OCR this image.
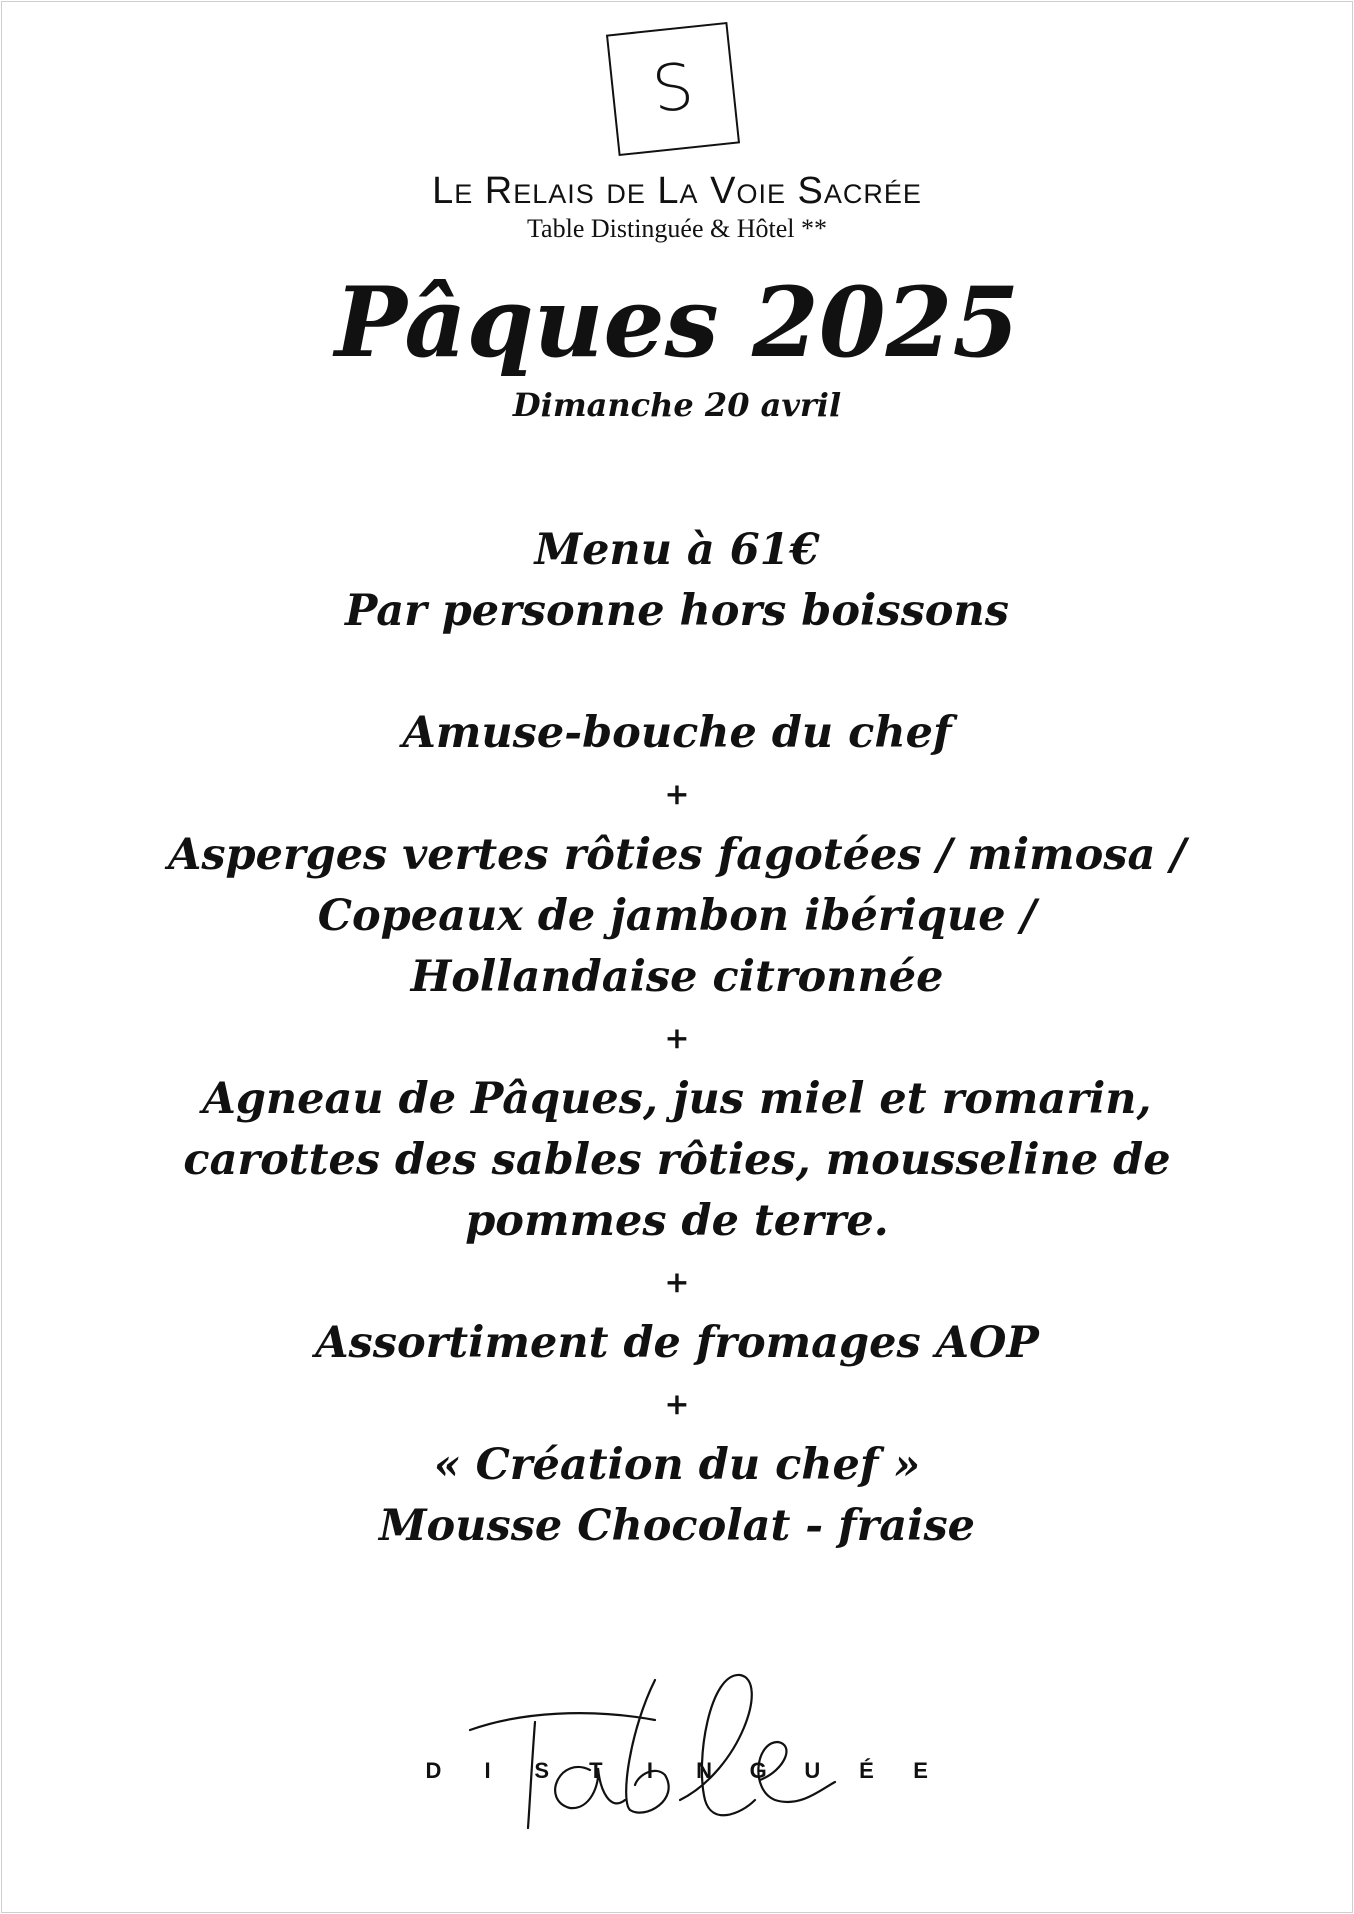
S
Le Relais de La Voie Sacrée
Table Distinguée & Hôtel **
Pâques 2025
Dimanche 20 avril
Menu à 61€
Par personne hors boissons
Amuse-bouche du chef
+
Asperges vertes rôties fagotées / mimosa /
Copeaux de jambon ibérique /
Hollandaise citronnée
+
Agneau de Pâques, jus miel et romarin,
carottes des sables rôties, mousseline de
pommes de terre.
+
Assortiment de fromages AOP
+
« Création du chef »
Mousse Chocolat - fraise
D I S T I N G U É E
